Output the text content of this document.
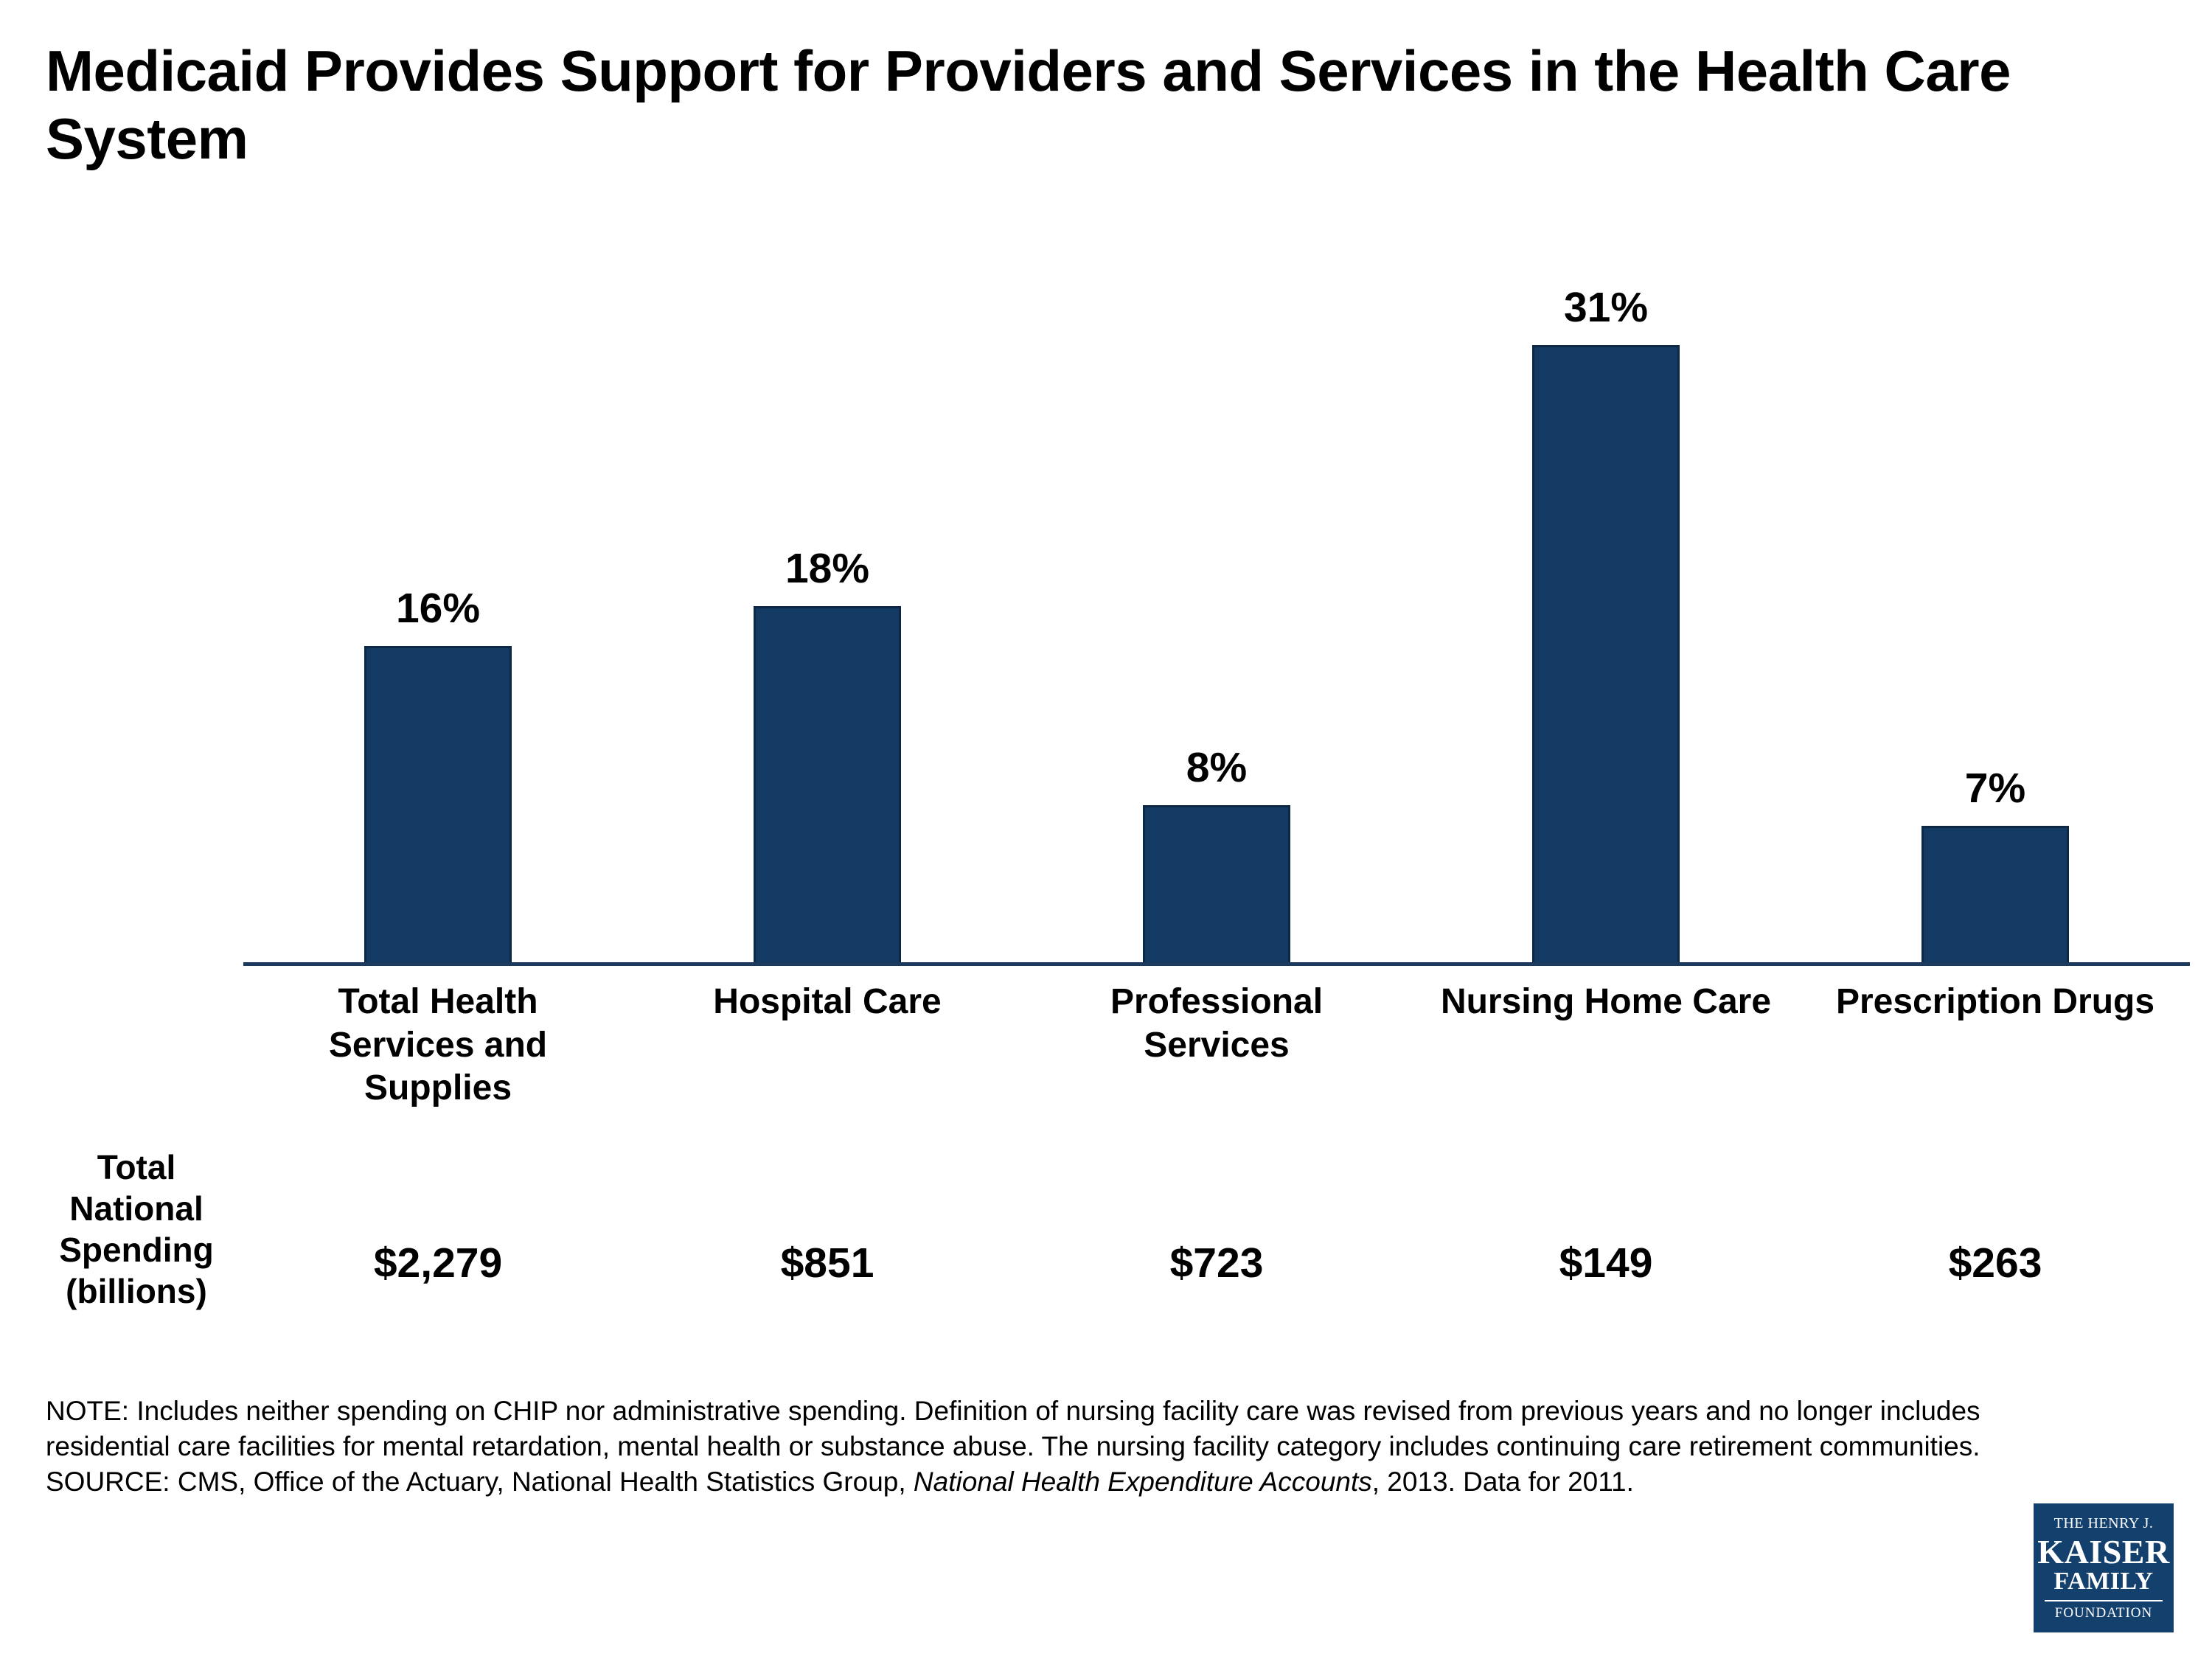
Medicaid Provides Support for Providers and Services in the Health Care System
16%
18%
8%
31%
7%
Total Health Services and Supplies
Hospital Care	Professional Services
Nursing Home Care	Prescription Drugs
Total
National
Spending
(billions)
$2,279	$851	$723	$149	$263

NOTE: Includes neither spending on CHIP nor administrative spending. Definition of nursing facility care was revised from previous years and no longer includes residential care facilities for mental retardation, mental health or substance abuse. The nursing facility category includes continuing care retirement communities.

SOURCE: CMS, Office of the Actuary, National Health Statistics Group, National Health Expenditure Accounts, 2013. Data for 2011.

THE HENRY J.
KAISER
FAMILY
FOUNDATION
